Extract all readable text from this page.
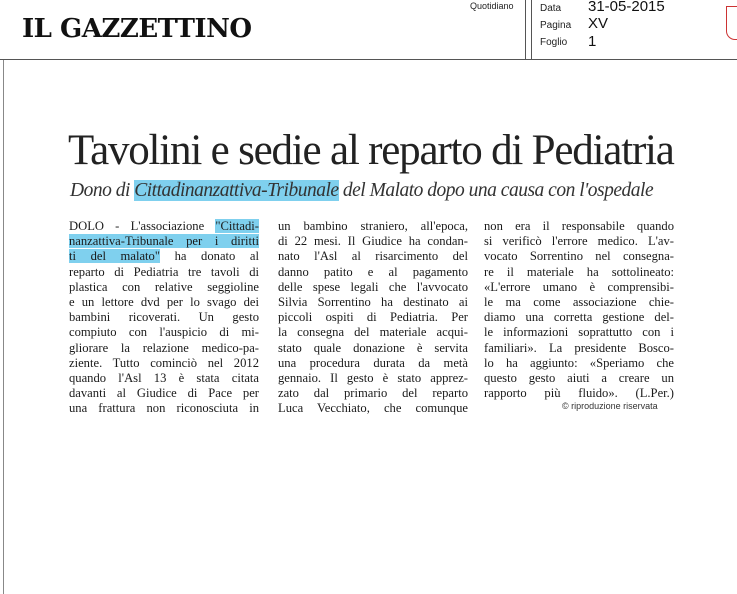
IL GAZZETTINO
Quotidiano	Data 31-05-2015
Pagina XV
Foglio 1
Tavolini e sedie al reparto di Pediatria
Dono di Cittadinanzattiva-Tribunale del Malato dopo una causa con l'ospedale
DOLO - L'associazione "Cittadi-
nanzattiva-Tribunale per i diritti
ti del malato" ha donato al
reparto di Pediatria tre tavoli di
plastica con relative seggioline
e un lettore dvd per lo svago dei
bambini ricoverati. Un gesto
compiuto con l'auspicio di mi-
gliorare la relazione medico-pa-
ziente. Tutto cominciò nel 2012
quando l'Asl 13 è stata citata
davanti al Giudice di Pace per
una frattura non riconosciuta in
un bambino straniero, all'epoca,
di 22 mesi. Il Giudice ha condan-
nato l'Asl al risarcimento del
danno patito e al pagamento
delle spese legali che l'avvocato
Silvia Sorrentino ha destinato ai
piccoli ospiti di Pediatria. Per
la consegna del materiale acqui-
stato quale donazione è servita
una procedura durata da metà
gennaio. Il gesto è stato apprez-
zato dal primario del reparto
Luca Vecchiato, che comunque
non era il responsabile quando
si verificò l'errore medico. L'av-
vocato Sorrentino nel consegna-
re il materiale ha sottolineato:
«L'errore umano è comprensibi-
le ma come associazione chie-
diamo una corretta gestione del-
le informazioni soprattutto con i
familiari». La presidente Bosco-
lo ha aggiunto: «Speriamo che
questo gesto aiuti a creare un
rapporto più fluido». (L.Per.)
© riproduzione riservata
